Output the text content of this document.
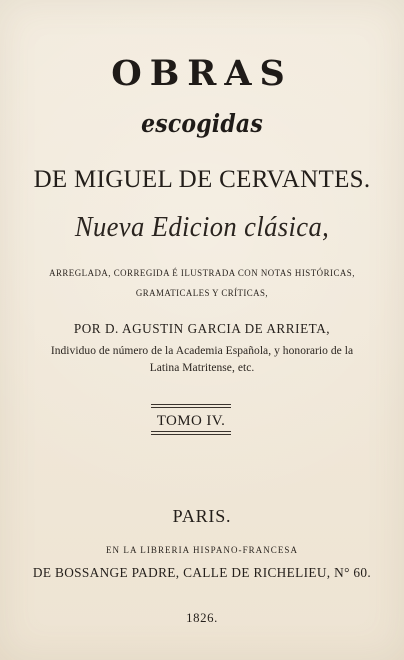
OBRAS
escogidas
DE MIGUEL DE CERVANTES.
Nueva Edicion clásica,
ARREGLADA, CORREGIDA É ILUSTRADA CON NOTAS HISTÓRICAS,
GRAMATICALES Y CRÍTICAS,
POR D. AGUSTIN GARCIA DE ARRIETA,
Individuo de número de la Academia Española, y honorario de la
Latina Matritense, etc.
TOMO IV.
PARIS.
EN LA LIBRERIA HISPANO-FRANCESA
DE BOSSANGE PADRE, CALLE DE RICHELIEU, N° 60.
1826.
